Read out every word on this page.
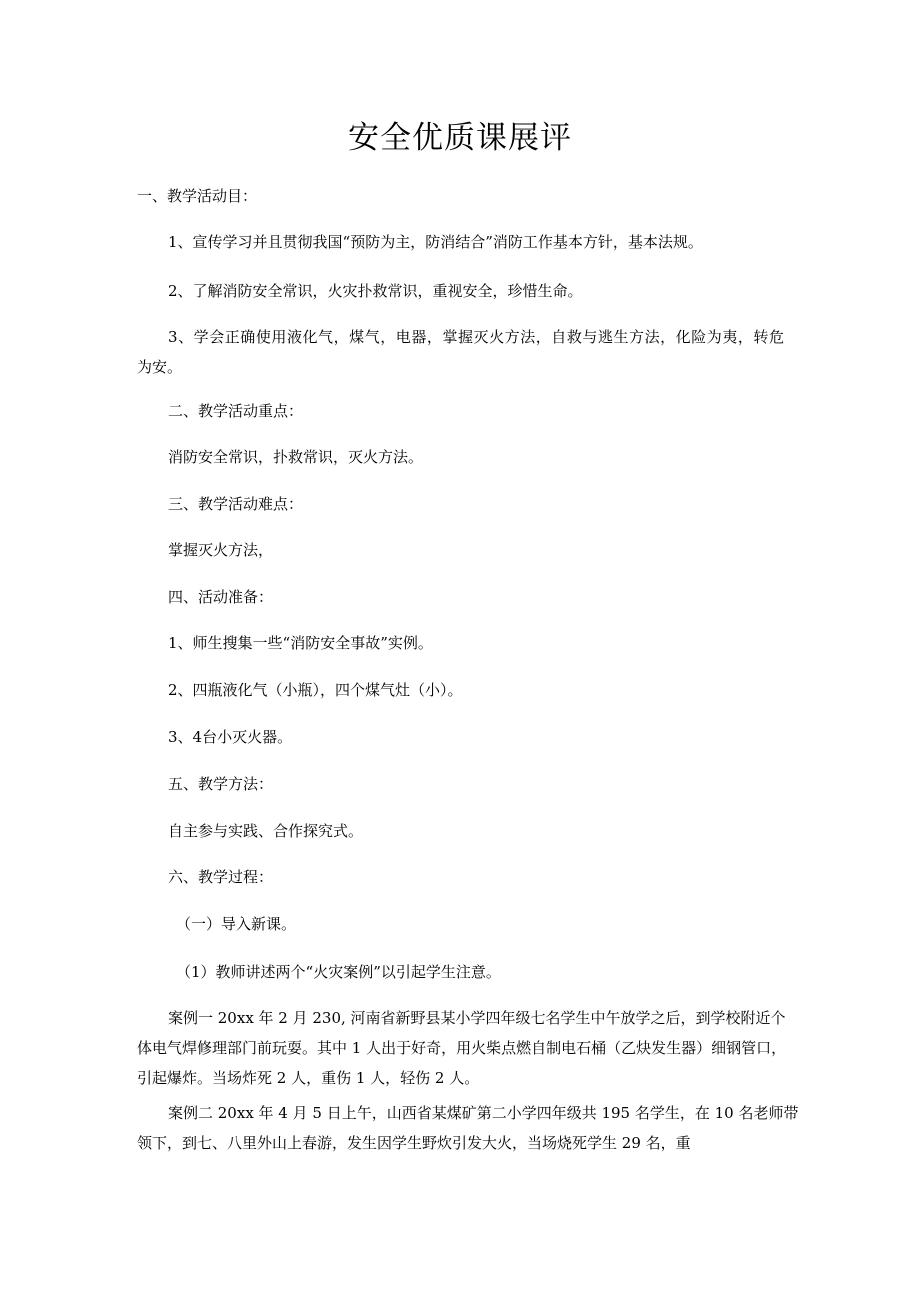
安全优质课展评
一、教学活动目：
1、宣传学习并且贯彻我国“预防为主，防消结合”消防工作基本方针，基本法规。
2、了解消防安全常识，火灾扑救常识，重视安全，珍惜生命。
3、学会正确使用液化气，煤气，电器，掌握灭火方法，自救与逃生方法，化险为夷，转危
为安。
二、教学活动重点：
消防安全常识，扑救常识，灭火方法。
三、教学活动难点：
掌握灭火方法，
四、活动准备：
1、师生搜集一些“消防安全事故”实例。
2、四瓶液化气（小瓶），四个煤气灶（小）。
3、4台小灭火器。
五、教学方法：
自主参与实践、合作探究式。
六、教学过程：
（一）导入新课。
（1）教师讲述两个“火灾案例”以引起学生注意。
案例一 20xx 年 2 月 230, 河南省新野县某小学四年级七名学生中午放学之后，到学校附近个
体电气焊修理部门前玩耍。其中 1 人出于好奇，用火柴点燃自制电石桶（乙炔发生器）细钢管口，
引起爆炸。当场炸死 2 人，重伤 1 人，轻伤 2 人。
案例二 20xx 年 4 月 5 日上午，山西省某煤矿第二小学四年级共 195 名学生，在 10 名老师带
领下，到七、八里外山上春游，发生因学生野炊引发大火，当场烧死学生 29 名，重
